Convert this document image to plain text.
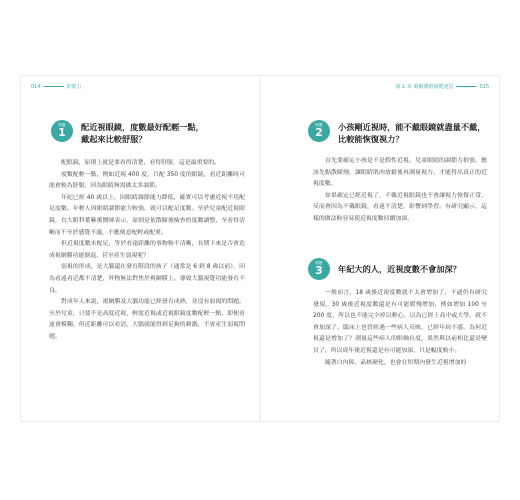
014	好眼力
問題
1	配近視眼鏡，度數最好配輕一點，
戴起來比較舒服？

配眼鏡，原則上就是要看得清楚，看得舒服，這是最重要的。

度數配輕一點，例如近視 400 度，只配 350 度的眼鏡，看近距離時可能會較為舒服，因為眼睛無需做太多調節。

年紀已經 40 歲以上，因眼睛調節能力降低，確實可以考慮近視不用配足度數。年輕人因眼睛調節能力較強，就可以配足度數。至於兒童配近視眼鏡，台大眼科葉紫薰醫師表示，原則是依散瞳後檢查的度數調整，至看得清晰而不至於感覺不適，不應刻意配輕或配重。

但近視度數未配足，等於看遠距離的事物較不清晰，長期下來是否會造成視網膜功能倒退，甚至產生弱視呢？

弱視的形成，是大腦還在發育階段的孩子（通常是 6 到 8 歲以前），因為看遠看近都不清楚，外物無法對焦於視網膜上，導致大腦視覺功能發育不良。

對成年人來說，視網膜及大腦功能已經發育成熟，並沒有弱視的問題。至於兒童，只要不是高度近視，輕度近視或近視眼鏡度數配輕一點，即便看遠會模糊，但近距離可以看清，大腦就能得到足夠的刺激，不會產生弱視問題。

第 1 章 破解護眼保健迷思	015
問題
2	小孩剛近視時，能不戴眼鏡就盡量不戴，
比較能恢復視力？

首先要確定小孩是不是假性近視。兒童眼睛的調節力很強，應該先點散瞳劑，讓眼睛肌肉放鬆後再測量視力，才能得出真正的近視度數。

如果確定已經近視了，不戴近視眼鏡也不會讓視力恢復正常，反而會因為不戴眼鏡，看遠不清楚，影響到學習。有研究顯示，這樣的做法較容易使近視度數持續加深。

問題
3	年紀大的人，近視度數不會加深？

一般而言，18 歲後近視度數就不太會增加了，不過仍有研究發現，30 歲後近視度數還是有可能緩慢增加，例如增加 100 至 200 度，所以也不能完全掉以輕心，以為已經上高中或大學，就不會加深了。臨床上也曾經遇一些病人反映，已經年屆不惑，為何近視還是增加了？測量這些病人的眼軸長度，果然與以前相比還是變長了，所以成年後近視還是有可能加深，只是幅度較小。

隨著白內障、晶核硬化，也會在短期內發生近視增加的
